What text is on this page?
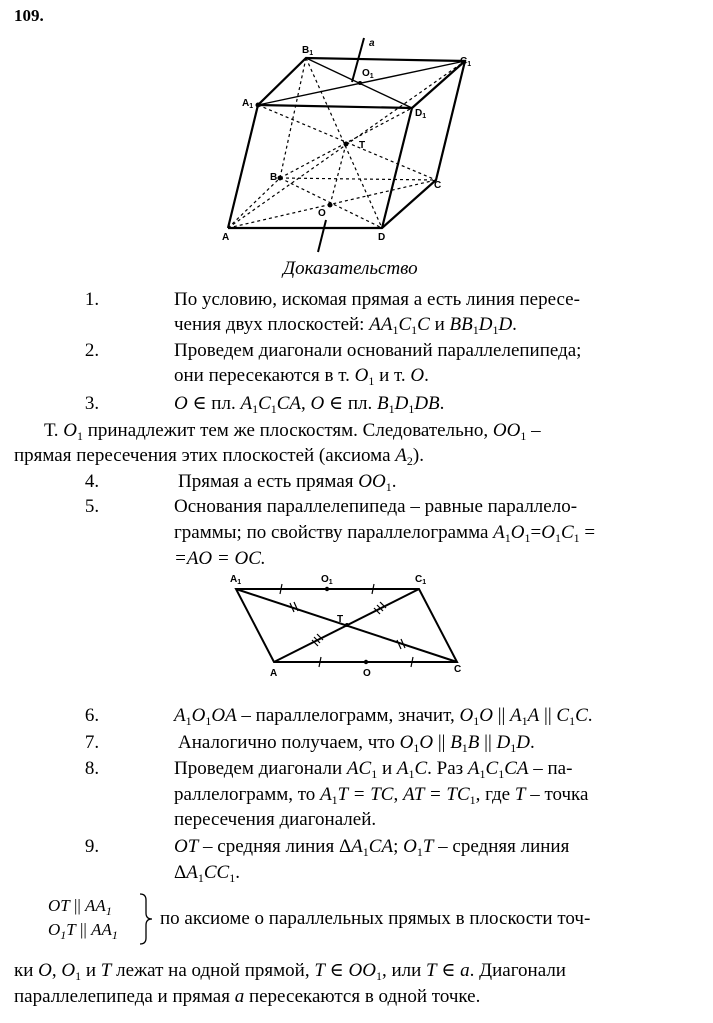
109.
$B_1$
$C_1$
$A_1$
$D_1$
$O_1$
a
T
B
C
O
A	D
Доказательство
1.	По условию, искомая прямая а есть линия пересе-
чения двух плоскостей: $AA_1C_1C$ и $BB_1D_1D$.
2.	Проведем диагонали оснований параллелепипеда;
они пересекаются в т. $O_1$ и т. O.
3.	O ∈ пл. $A_1C_1CA$, O ∈ пл. $B_1D_1DB$.
Т. $O_1$ принадлежит тем же плоскостям. Следовательно, $OO_1$ –
прямая пересечения этих плоскостей (аксиома $A_2$).
4.	Прямая а есть прямая $OO_1$.
5.	Основания параллелепипеда – равные параллело-
граммы; по свойству параллелограмма $A_1O_1=O_1C_1$ =
=AO = OC.
$A_1$	$O_1$	$C_1$
T
A	O	C
6.	$A_1O_1OA$ – параллелограмм, значит, $O_1O$ || $A_1A$ || $C_1C$.
7.	Аналогично получаем, что $O_1O$ || $B_1B$ || $D_1D$.
8.	Проведем диагонали $AC_1$ и $A_1C$. Раз $A_1C_1CA - па-$
раллелограмм, то $A_1T$ = TC, AT = $TC_1$, где T – точка
пересечения диагоналей.
9.	OT – средняя линия $\Delta A_1CA$; $O_1T$ – средняя линия
$\Delta A_1CC_1$.
OT || $AA_1$
$O_1T$ || $AA_1$
по аксиоме о параллельных прямых в плоскости точ-
ки O, $O_1$ и T лежат на одной прямой, T ∈ $OO_1$, или T ∈ a. Диагонали
параллелепипеда и прямая a пересекаются в одной точке.
